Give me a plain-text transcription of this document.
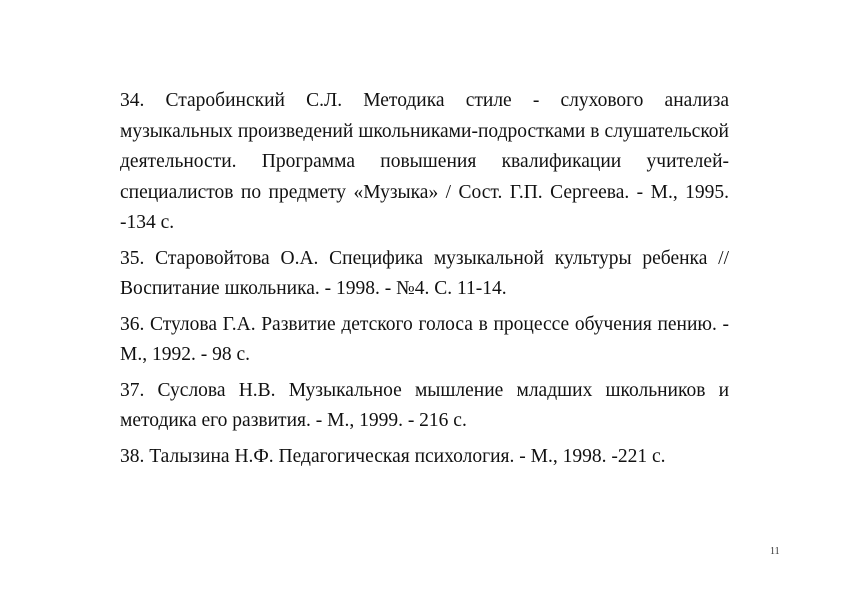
34. Старобинский С.Л. Методика стиле - слухового анализа музыкальных произведений школьниками-подростками в слушательской деятельности. Программа повышения квалификации учителей-специалистов по предмету «Музыка» / Сост. Г.П. Сергеева. - М., 1995. -134 с.

35. Старовойтова О.А. Специфика музыкальной культуры ребенка // Воспитание школьника. - 1998. - №4. С. 11-14.

36. Стулова Г.А. Развитие детского голоса в процессе обучения пению. - М., 1992. - 98 с.

37. Суслова Н.В. Музыкальное мышление младших школьников и методика его развития. - М., 1999. - 216 с.

38. Талызина Н.Ф. Педагогическая психология. - М., 1998. -221 с.

11
